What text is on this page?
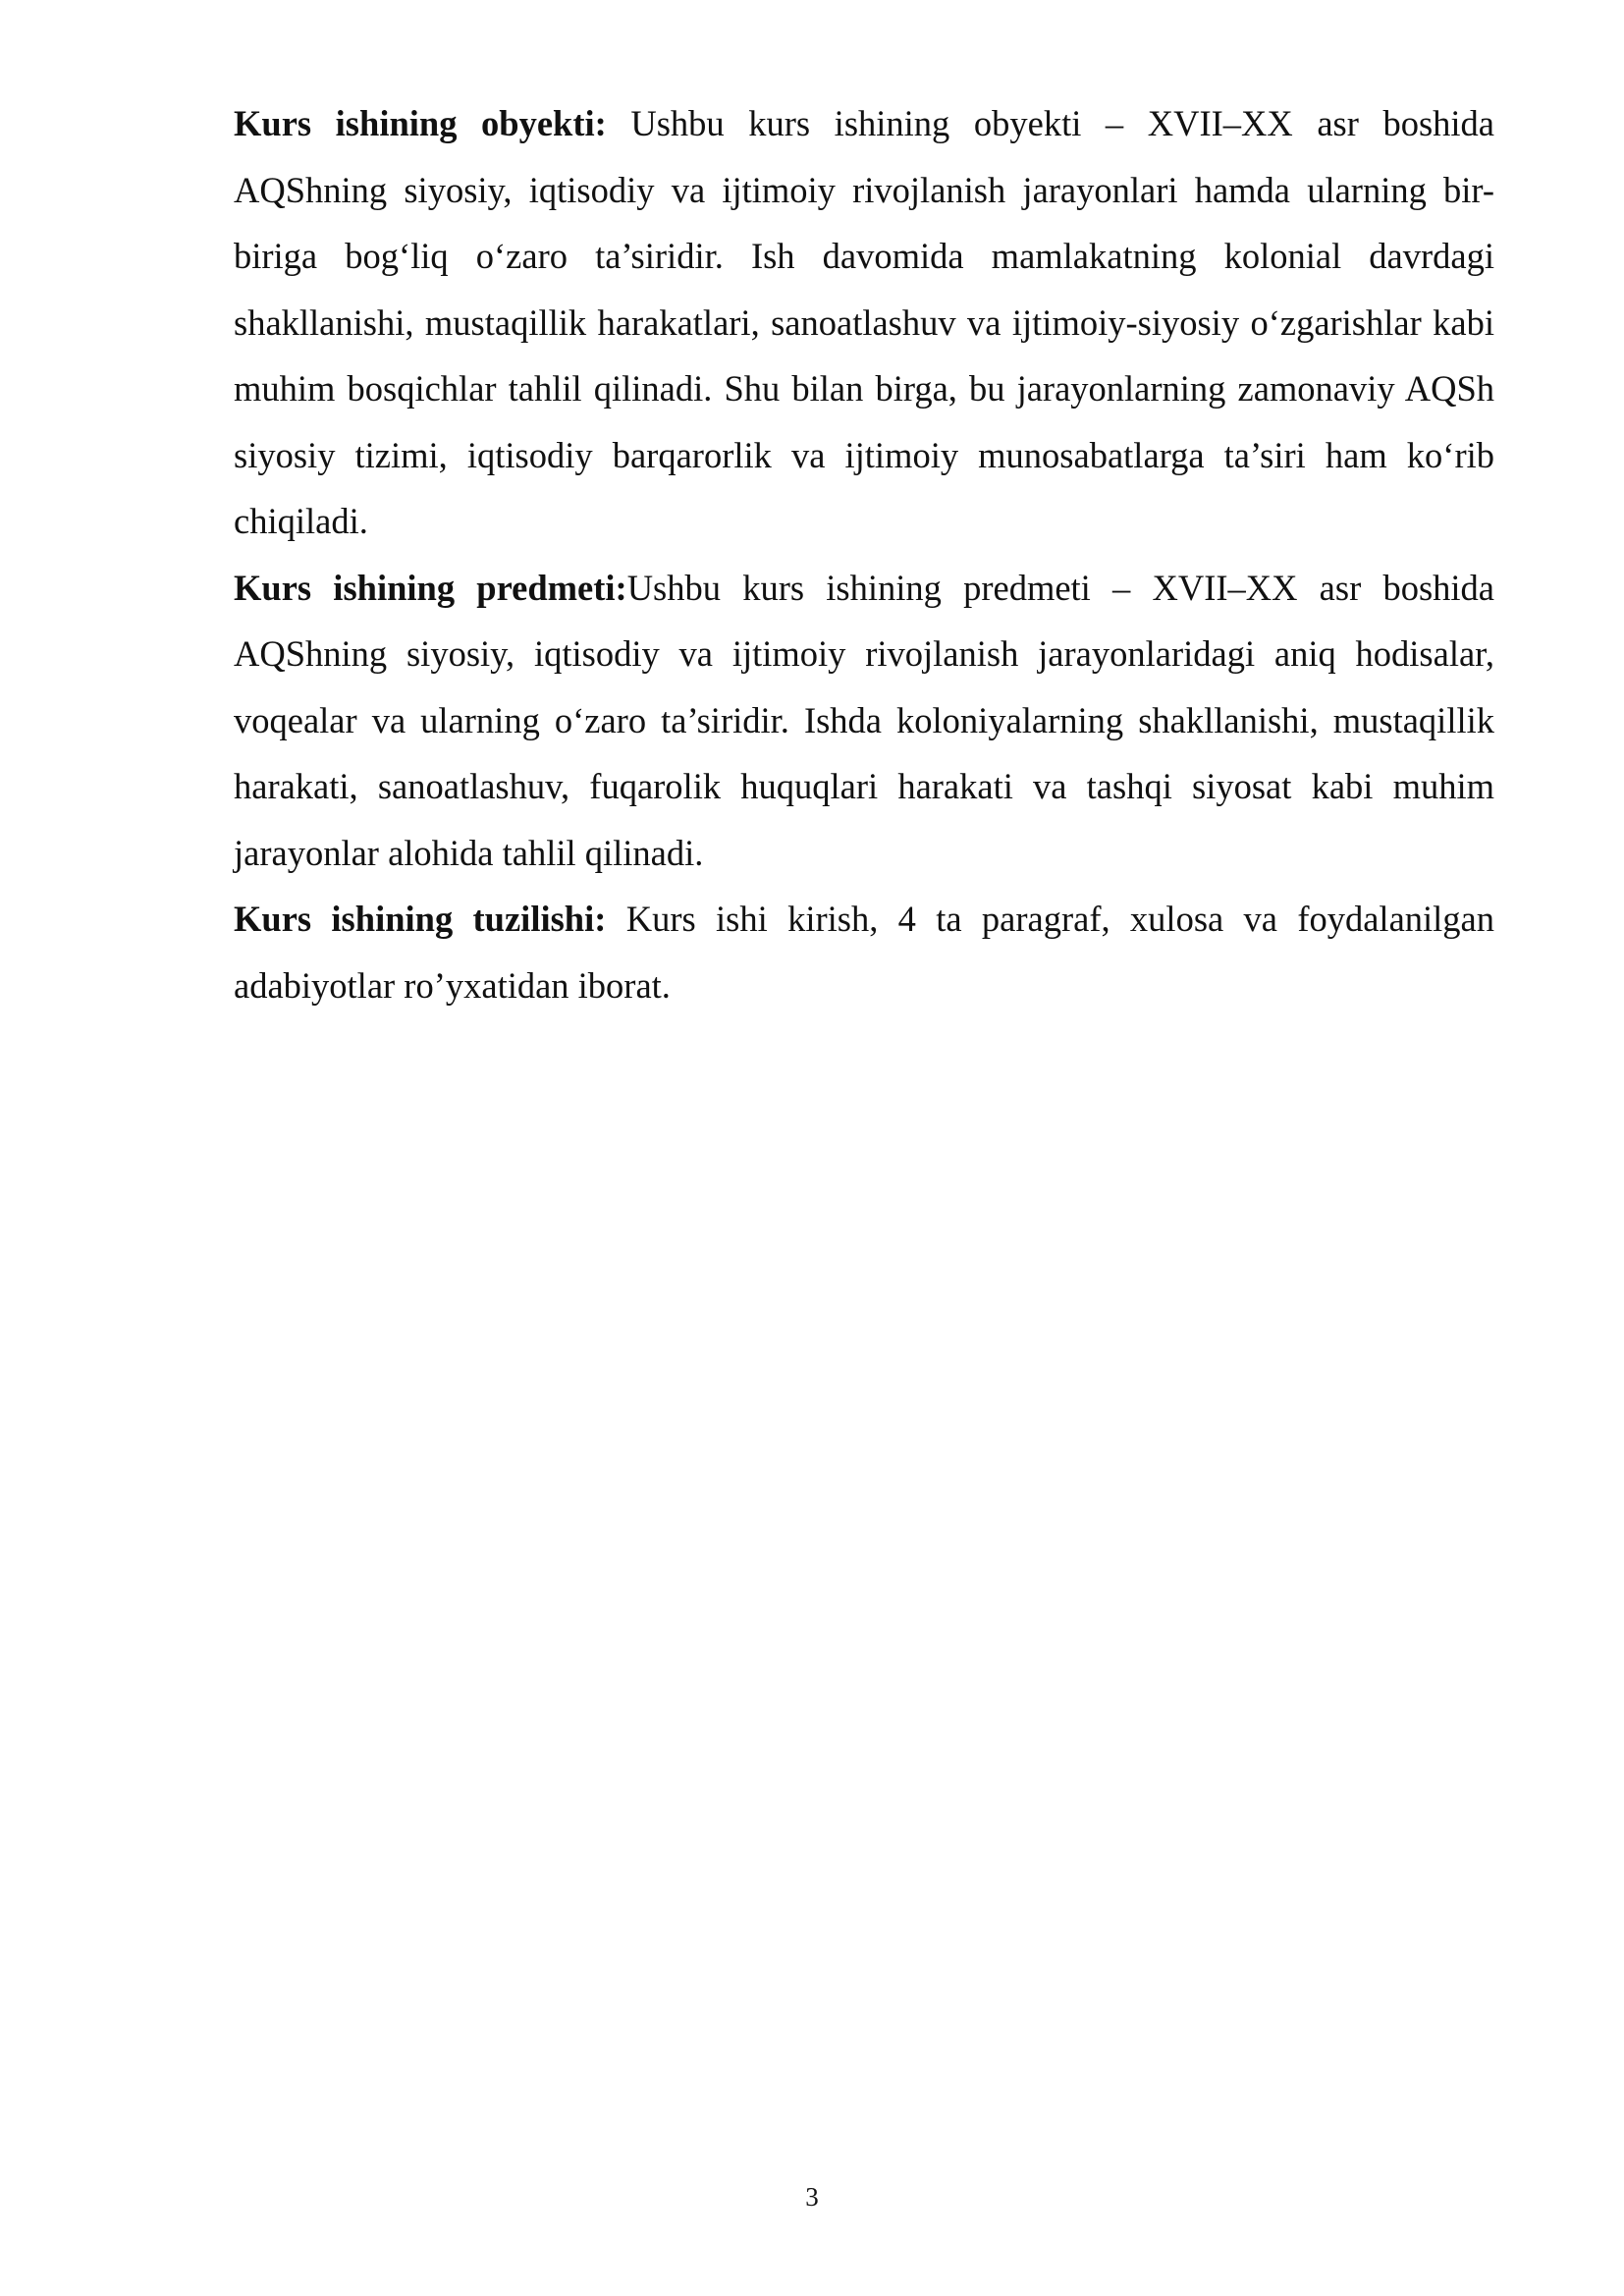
Kurs ishining obyekti: Ushbu kurs ishining obyekti – XVII–XX asr boshida AQShning siyosiy, iqtisodiy va ijtimoiy rivojlanish jarayonlari hamda ularning bir-biriga bog‘liq o‘zaro ta’siridir. Ish davomida mamlakatning kolonial davrdagi shakllanishi, mustaqillik harakatlari, sanoatlashuv va ijtimoiy-siyosiy o‘zgarishlar kabi muhim bosqichlar tahlil qilinadi. Shu bilan birga, bu jarayonlarning zamonaviy AQSh siyosiy tizimi, iqtisodiy barqarorlik va ijtimoiy munosabatlarga ta’siri ham ko‘rib chiqiladi.

Kurs ishining predmeti:Ushbu kurs ishining predmeti – XVII–XX asr boshida AQShning siyosiy, iqtisodiy va ijtimoiy rivojlanish jarayonlaridagi aniq hodisalar, voqealar va ularning o‘zaro ta’siridir. Ishda koloniyalarning shakllanishi, mustaqillik harakati, sanoatlashuv, fuqarolik huquqlari harakati va tashqi siyosat kabi muhim jarayonlar alohida tahlil qilinadi.

Kurs ishining tuzilishi: Kurs ishi kirish, 4 ta paragraf, xulosa va foydalanilgan adabiyotlar ro’yxatidan iborat.

3
